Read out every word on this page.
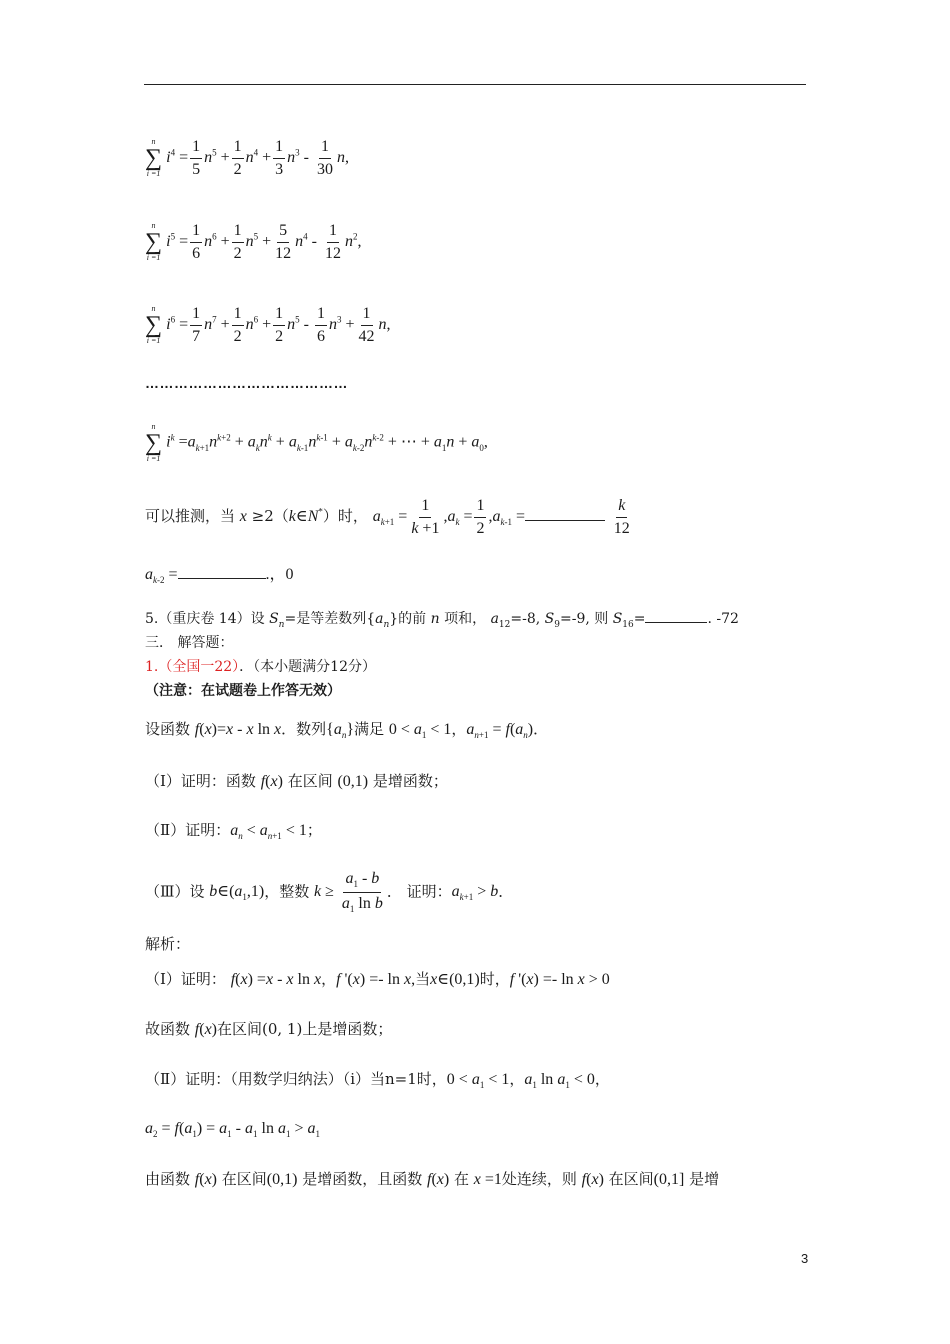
n
∑
i =1
$i^4 = \frac{1}{5} n^5 + \frac{1}{2} n^4 + \frac{1}{3} n^3 - \frac{1}{30} n$,
n
∑
i =1
$i^5 = \frac{1}{6} n^6 + \frac{1}{2} n^5 + \frac{5}{12} n^4 - \frac{1}{12} n^2$,
n
∑
i =1
$i^6 = \frac{1}{7} n^7 + \frac{1}{2} n^6 + \frac{1}{2} n^5 - \frac{1}{6} n^3 + \frac{1}{42} n$,
……………………………………
n
∑
i =1
$i^k =a_{k+1}n^{k+2} + a_kn^k + a_{k-1}n^{k-1} + a_{k-2}n^{k-2}$ + ⋯ + $a_1n + a_0$,
可以推测，当 x ≥2（k∈N*）时， $a_{k+1} = \frac{1}{k +1} ,a_k = \frac{1}{2} ,a_{k-1}$ =	$\frac{k}{12}$
$a_{k-2}$ =	.，0
5.（重庆卷 14）设 $S_n=$是等差数列$\{a_n\}$的前 n 项和， $a_{12}=-8$, $S_9=-9$, 则 $S_{16}=$	. -72
三． 解答题：
1.（全国一22）．（本小题满分12分）
（注意：在试题卷上作答无效）
设函数 f(x)=x - x ln x．数列$\{a_n\}$满足 $0 < a_1 < 1$，$a_{n+1} = f(a_n)$．
（Ⅰ）证明：函数 f(x) 在区间 (0,1) 是增函数；
（Ⅱ）证明：$a_n < a_{n+1} < 1$；
（Ⅲ）设 $b\in(a_1,1)$，整数 $k \ge \frac{a_1 - b}{a_1 \ln b}$ ． 证明：$a_{k+1} > b$．
解析：
（Ⅰ）证明： f(x) =x - x ln x，f '(x) =- ln x,当x∈(0,1)时，f '(x) =- ln x > 0
故函数 f(x)在区间(0, 1)上是增函数；
（Ⅱ）证明：（用数学归纳法）（i）当n=1时，$0 < a_1 < 1$，$a_1$ $\ln a_1 < 0$，
$a_2 = f(a_1) = a_1 - a_1$ $\ln a_1 > a_1$
由函数 f(x) 在区间(0,1) 是增函数，且函数 f(x) 在 x =1处连续，则 f(x) 在区间(0,1] 是增
3
